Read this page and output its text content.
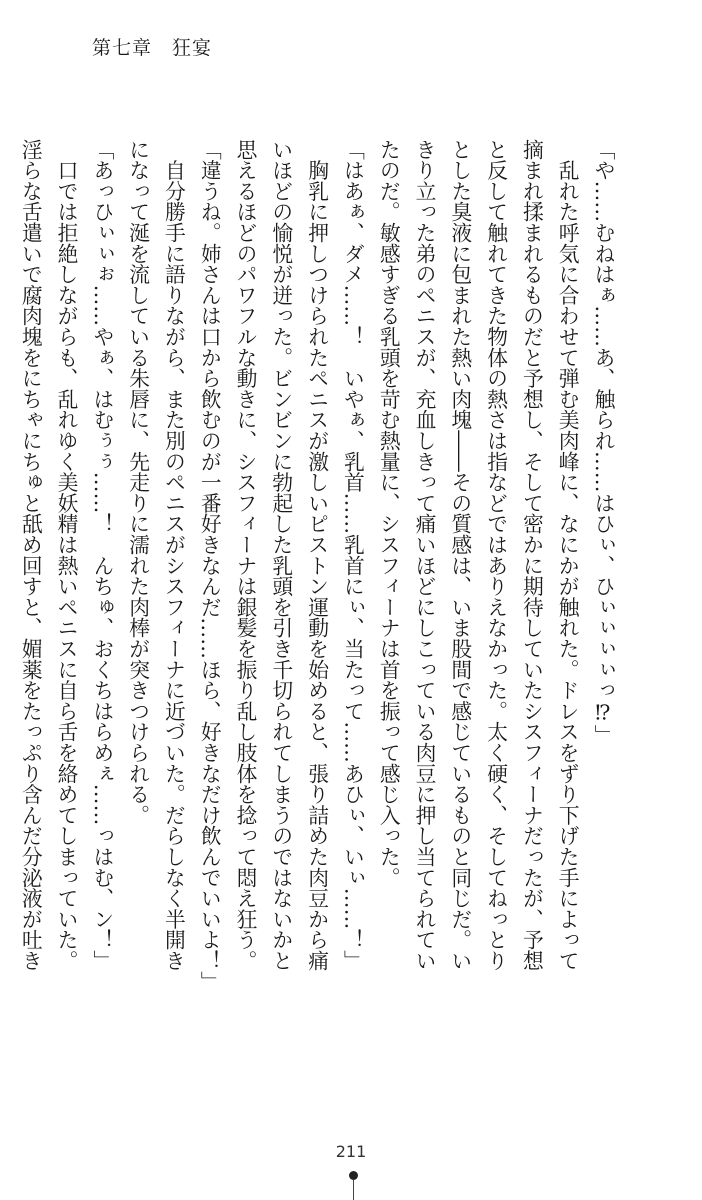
第七章　狂宴
「や……むねはぁ……あ、触られ……はひぃ、ひぃぃぃぃっ⁉」
　乱れた呼気に合わせて弾む美肉峰に、なにかが触れた。ドレスをずり下げた手によって
摘まれ揉まれるものだと予想し、そして密かに期待していたシスフィーナだったが、予想
と反して触れてきた物体の熱さは指などではありえなかった。太く硬く、そしてねっとり
とした臭液に包まれた熱い肉塊――その質感は、いま股間で感じているものと同じだ。い
きり立った弟のペニスが、充血しきって痛いほどにしこっている肉豆に押し当てられてい
たのだ。敏感すぎる乳頭を苛む熱量に、シスフィーナは首を振って感じ入った。
「はあぁ、ダメ……！　いやぁ、乳首……乳首にぃ、当たって……あひぃ、いぃ……！」
　胸乳に押しつけられたペニスが激しいピストン運動を始めると、張り詰めた肉豆から痛
いほどの愉悦が迸った。ビンビンに勃起した乳頭を引き千切られてしまうのではないかと
思えるほどのパワフルな動きに、シスフィーナは銀髪を振り乱し肢体を捻って悶え狂う。
「違うね。姉さんは口から飲むのが一番好きなんだ……ほら、好きなだけ飲んでいいよ！」
　自分勝手に語りながら、また別のペニスがシスフィーナに近づいた。だらしなく半開き
になって涎を流している朱唇に、先走りに濡れた肉棒が突きつけられる。
「あっひぃぃぉ……やぁ、はむぅぅ……！　んちゅ、おくちはらめぇ……っはむ、ン！」
　口では拒絶しながらも、乱れゆく美妖精は熱いペニスに自ら舌を絡めてしまっていた。
淫らな舌遣いで腐肉塊をにちゃにちゅと舐め回すと、媚薬をたっぷり含んだ分泌液が吐き
211
